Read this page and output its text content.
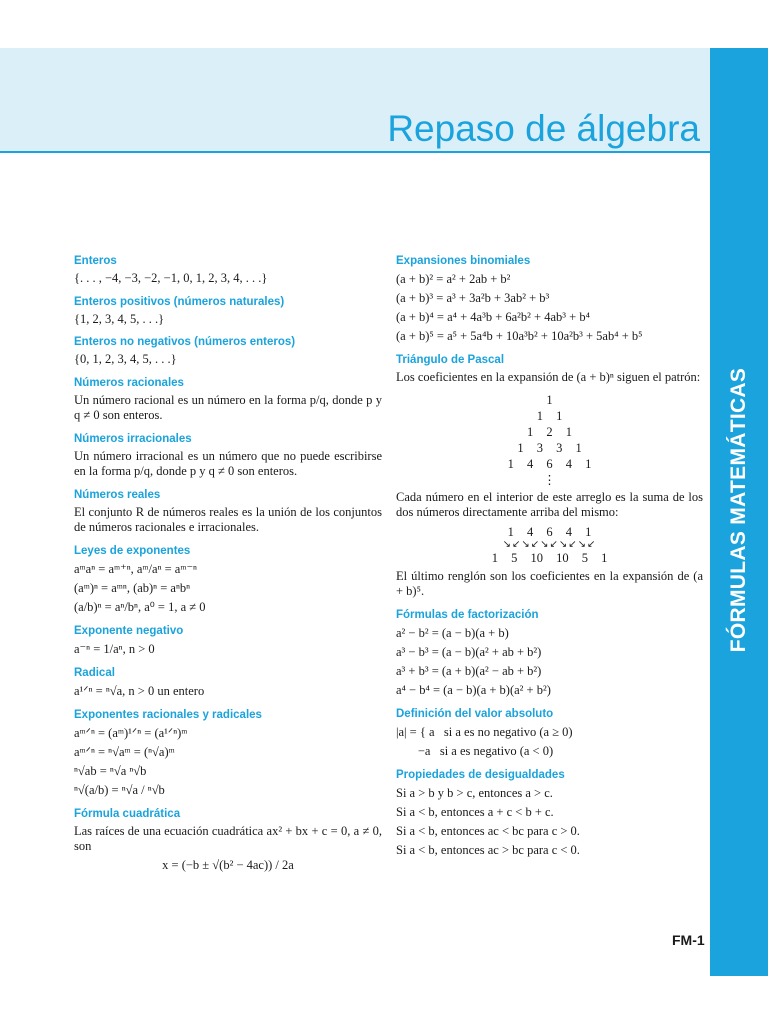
Repaso de álgebra
FÓRMULAS MATEMÁTICAS
Enteros

{. . . , −4, −3, −2, −1, 0, 1, 2, 3, 4, . . .}

Enteros positivos (números naturales)

{1, 2, 3, 4, 5, . . .}

Enteros no negativos (números enteros)

{0, 1, 2, 3, 4, 5, . . .}

Números racionales

Un número racional es un número en la forma p/q, donde p y q ≠ 0 son enteros.

Números irracionales

Un número irracional es un número que no puede escribirse en la forma p/q, donde p y q ≠ 0 son enteros.

Números reales

El conjunto R de números reales es la unión de los conjuntos de números racionales e irracionales.

Leyes de exponentes
aᵐaⁿ = aᵐ⁺ⁿ, aᵐ/aⁿ = aᵐ⁻ⁿ
(aᵐ)ⁿ = aᵐⁿ, (ab)ⁿ = aⁿbⁿ
(a/b)ⁿ = aⁿ/bⁿ, a⁰ = 1, a ≠ 0
Exponente negativo
a⁻ⁿ = 1/aⁿ, n > 0
Radical
a¹ᐟⁿ = ⁿ√a, n > 0 un entero
Exponentes racionales y radicales
aᵐᐟⁿ = (aᵐ)¹ᐟⁿ = (a¹ᐟⁿ)ᵐ
aᵐᐟⁿ = ⁿ√aᵐ = (ⁿ√a)ᵐ
ⁿ√ab = ⁿ√a ⁿ√b
ⁿ√(a/b) = ⁿ√a / ⁿ√b
Fórmula cuadrática

Las raíces de una ecuación cuadrática ax² + bx + c = 0, a ≠ 0, son

x = (−b ± √(b² − 4ac)) / 2a
Expansiones binomiales
(a + b)² = a² + 2ab + b²
(a + b)³ = a³ + 3a²b + 3ab² + b³
(a + b)⁴ = a⁴ + 4a³b + 6a²b² + 4ab³ + b⁴
(a + b)⁵ = a⁵ + 5a⁴b + 10a³b² + 10a²b³ + 5ab⁴ + b⁵
Triángulo de Pascal

Los coeficientes en la expansión de (a + b)ⁿ siguen el patrón:

1
1 1
1 2 1
1 3 3 1
1 4 6 4 1
⋮

Cada número en el interior de este arreglo es la suma de los dos números directamente arriba del mismo:

1 4 6 4 1
↘↙↘↙↘↙↘↙↘↙
1 5 10 10 5 1

El último renglón son los coeficientes en la expansión de (a + b)⁵.

Fórmulas de factorización
a² − b² = (a − b)(a + b)
a³ − b³ = (a − b)(a² + ab + b²)
a³ + b³ = (a + b)(a² − ab + b²)
a⁴ − b⁴ = (a − b)(a + b)(a² + b²)
Definición del valor absoluto
|a| = { a   si a es no negativo (a ≥ 0)
−a   si a es negativo (a < 0)
Propiedades de desigualdades
Si a > b y b > c, entonces a > c.
Si a < b, entonces a + c < b + c.
Si a < b, entonces ac < bc para c > 0.
Si a < b, entonces ac > bc para c < 0.
FM-1
